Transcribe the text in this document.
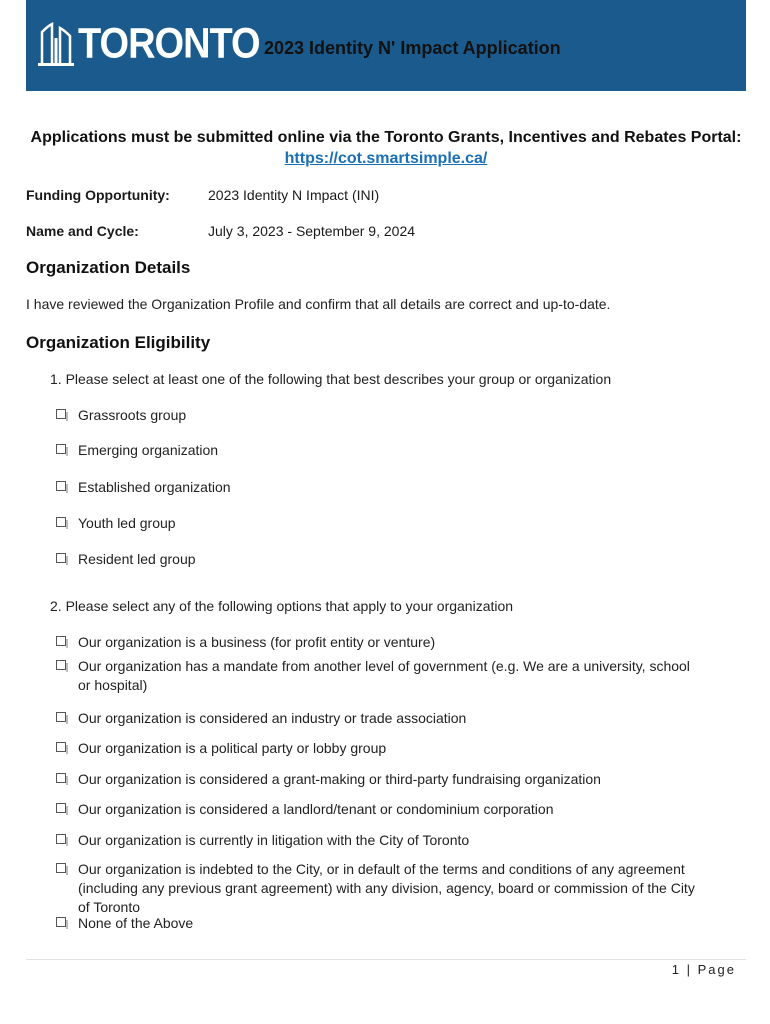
TORONTO 2023 Identity N' Impact Application
Applications must be submitted online via the Toronto Grants, Incentives and Rebates Portal: https://cot.smartsimple.ca/
Funding Opportunity:	2023 Identity N Impact (INI)
Name and Cycle:	July 3, 2023 - September 9, 2024
Organization Details
I have reviewed the Organization Profile and confirm that all details are correct and up-to-date.
Organization Eligibility
1. Please select at least one of the following that best describes your group or organization
Grassroots group
Emerging organization
Established organization
Youth led group
Resident led group
2. Please select any of the following options that apply to your organization
Our organization is a business (for profit entity or venture)
Our organization has a mandate from another level of government (e.g. We are a university, school or hospital)
Our organization is considered an industry or trade association
Our organization is a political party or lobby group
Our organization is considered a grant-making or third-party fundraising organization
Our organization is considered a landlord/tenant or condominium corporation
Our organization is currently in litigation with the City of Toronto
Our organization is indebted to the City, or in default of the terms and conditions of any agreement (including any previous grant agreement) with any division, agency, board or commission of the City of Toronto
None of the Above
1 | Page
